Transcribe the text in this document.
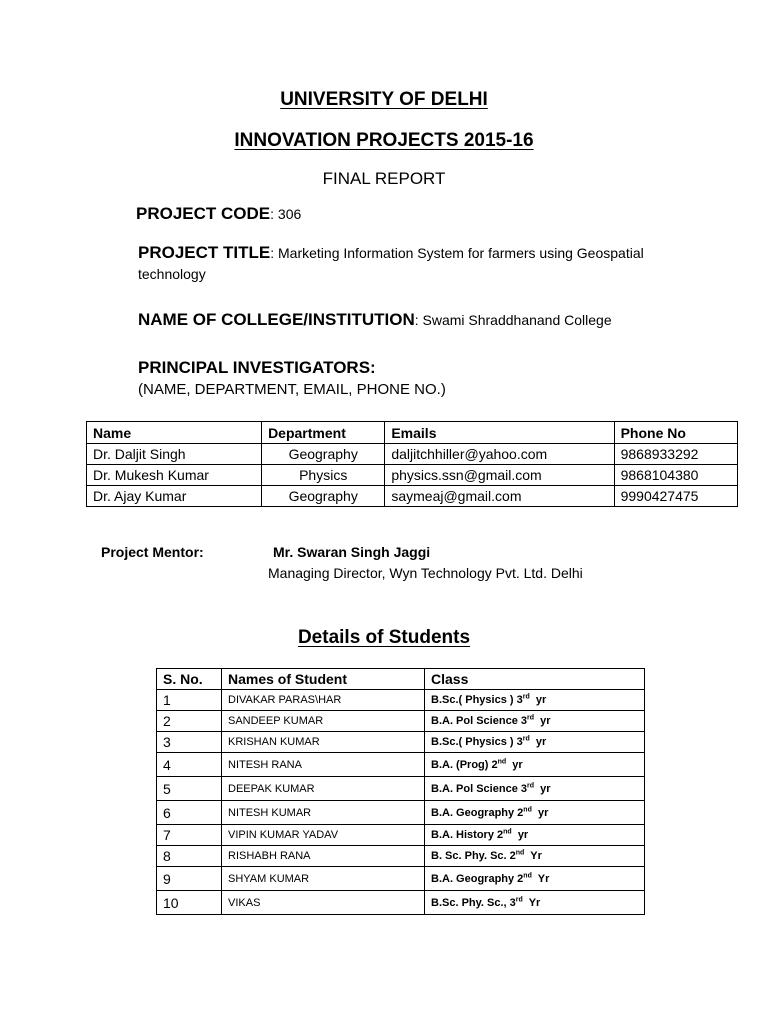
UNIVERSITY OF DELHI
INNOVATION PROJECTS 2015-16
FINAL REPORT
PROJECT CODE: 306
PROJECT TITLE: Marketing Information System for farmers using Geospatial technology
NAME OF COLLEGE/INSTITUTION: Swami Shraddhanand College
PRINCIPAL INVESTIGATORS:
(NAME, DEPARTMENT, EMAIL, PHONE NO.)
Name	Department	Emails	Phone No
Dr. Daljit Singh	Geography	daljitchhiller@yahoo.com	9868933292
Dr. Mukesh Kumar	Physics	physics.ssn@gmail.com	9868104380
Dr. Ajay Kumar	Geography	saymeaj@gmail.com	9990427475
Project Mentor:	Mr. Swaran Singh Jaggi
Managing Director, Wyn Technology Pvt. Ltd. Delhi
Details of Students
S. No.	Names of Student	Class
1	DIVAKAR PARAS\HAR	B.Sc.( Physics ) 3rd  yr
2	SANDEEP KUMAR	B.A. Pol Science 3rd  yr
3	KRISHAN KUMAR	B.Sc.( Physics ) 3rd  yr
4	NITESH RANA	B.A. (Prog) 2nd  yr
5	DEEPAK KUMAR	B.A. Pol Science 3rd  yr
6	NITESH KUMAR	B.A. Geography 2nd  yr
7	VIPIN KUMAR YADAV	B.A. History 2nd  yr
8	RISHABH RANA	B. Sc. Phy. Sc. 2nd  Yr
9	SHYAM KUMAR	B.A. Geography 2nd  Yr
10	VIKAS	B.Sc. Phy. Sc., 3rd  Yr
